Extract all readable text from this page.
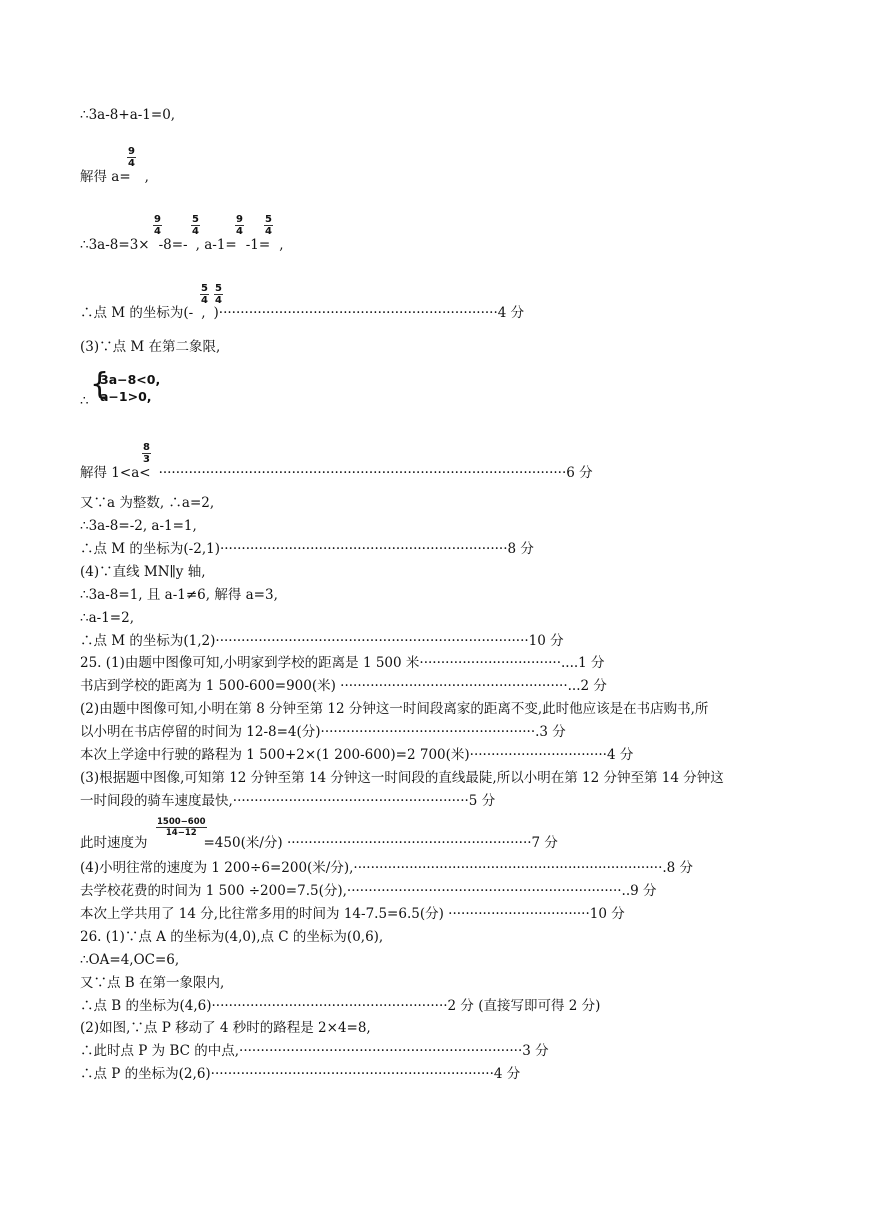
∴3a-8+a-1=0,
解得 a= ,
$\frac{9}{4}$
∴3a-8=3× -8=- , a-1= -1= ,
$\frac{9}{4}$	$\frac{5}{4}$	$\frac{9}{4} \frac{5}{4}$
∴点 M 的坐标为(- , )·································································4 分
$\frac{5}{4} \frac{5}{4}$
(3)∵点 M 在第二象限,
{
3a−8<0,
a−1>0,
∴
解得 1<a< ·······························································································6 分
$\frac{8}{3}$
又∵a 为整数, ∴a=2,
∴3a-8=-2, a-1=1,
∴点 M 的坐标为(-2,1)···································································8 分
(4)∵直线 MN∥y 轴,
∴3a-8=1, 且 a-1≠6, 解得 a=3,
∴a-1=2,
∴点 M 的坐标为(1,2)·········································································10 分
25. (1)由题中图像可知,小明家到学校的距离是 1 500 米·································....1 分
书店到学校的距离为 1 500-600=900(米) ·····················································...2 分
(2)由题中图像可知,小明在第 8 分钟至第 12 分钟这一时间段离家的距离不变,此时他应该是在书店购书,所
以小明在书店停留的时间为 12-8=4(分)··················································.3 分
本次上学途中行驶的路程为 1 500+2×(1 200-600)=2 700(米)································4 分
(3)根据题中图像,可知第 12 分钟至第 14 分钟这一时间段的直线最陡,所以小明在第 12 分钟至第 14 分钟这
一时间段的骑车速度最快,·······················································5 分
此时速度为	=450(米/分) ·························································7 分
$\frac{1500-600}{14-12}$
(4)小明往常的速度为 1 200÷6=200(米/分),········································································.8 分
去学校花费的时间为 1 500 ÷200=7.5(分),································································..9 分
本次上学共用了 14 分,比往常多用的时间为 14-7.5=6.5(分) ·································10 分
26. (1)∵点 A 的坐标为(4,0),点 C 的坐标为(0,6),
∴OA=4,OC=6,
又∵点 B 在第一象限内,
∴点 B 的坐标为(4,6)·······················································2 分 (直接写即可得 2 分)
(2)如图,∵点 P 移动了 4 秒时的路程是 2×4=8,
∴此时点 P 为 BC 的中点,··································································3 分
∴点 P 的坐标为(2,6)··································································4 分
